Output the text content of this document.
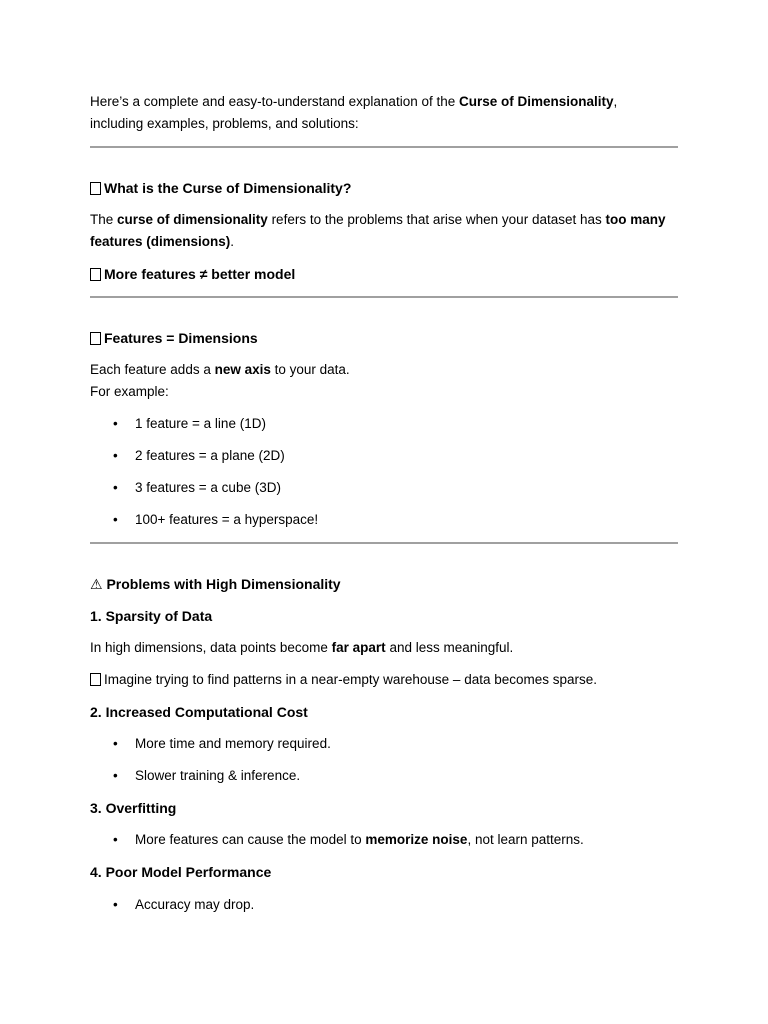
Here’s a complete and easy-to-understand explanation of the Curse of Dimensionality,
including examples, problems, and solutions:
What is the Curse of Dimensionality?
The curse of dimensionality refers to the problems that arise when your dataset has too many
features (dimensions).
More features ≠ better model
Features = Dimensions
Each feature adds a new axis to your data.
For example:
• 1 feature = a line (1D)
• 2 features = a plane (2D)
• 3 features = a cube (3D)
• 100+ features = a hyperspace!
⚠ Problems with High Dimensionality
1. Sparsity of Data
In high dimensions, data points become far apart and less meaningful.
Imagine trying to find patterns in a near-empty warehouse – data becomes sparse.
2. Increased Computational Cost
• More time and memory required.
• Slower training & inference.
3. Overfitting
• More features can cause the model to memorize noise, not learn patterns.
4. Poor Model Performance
• Accuracy may drop.
